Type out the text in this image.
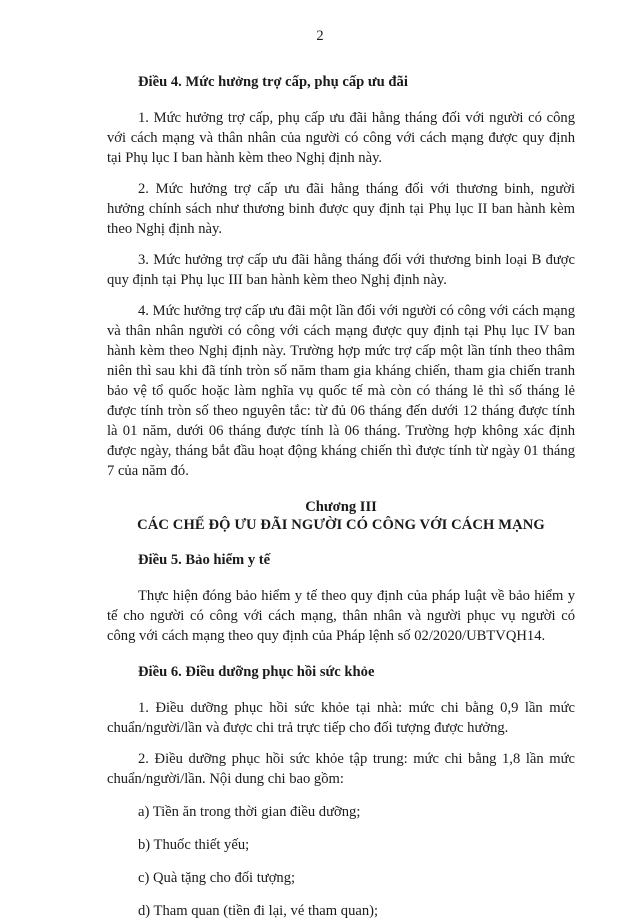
2
Điều 4. Mức hưởng trợ cấp, phụ cấp ưu đãi
1. Mức hưởng trợ cấp, phụ cấp ưu đãi hằng tháng đối với người có công với cách mạng và thân nhân của người có công với cách mạng được quy định tại Phụ lục I ban hành kèm theo Nghị định này.
2. Mức hưởng trợ cấp ưu đãi hằng tháng đối với thương binh, người hưởng chính sách như thương binh được quy định tại Phụ lục II ban hành kèm theo Nghị định này.
3. Mức hưởng trợ cấp ưu đãi hằng tháng đối với thương binh loại B được quy định tại Phụ lục III ban hành kèm theo Nghị định này.
4. Mức hưởng trợ cấp ưu đãi một lần đối với người có công với cách mạng và thân nhân người có công với cách mạng được quy định tại Phụ lục IV ban hành kèm theo Nghị định này. Trường hợp mức trợ cấp một lần tính theo thâm niên thì sau khi đã tính tròn số năm tham gia kháng chiến, tham gia chiến tranh bảo vệ tổ quốc hoặc làm nghĩa vụ quốc tế mà còn có tháng lẻ thì số tháng lẻ được tính tròn số theo nguyên tắc: từ đủ 06 tháng đến dưới 12 tháng được tính là 01 năm, dưới 06 tháng được tính là 06 tháng. Trường hợp không xác định được ngày, tháng bắt đầu hoạt động kháng chiến thì được tính từ ngày 01 tháng 7 của năm đó.
Chương III
CÁC CHẾ ĐỘ ƯU ĐÃI NGƯỜI CÓ CÔNG VỚI CÁCH MẠNG
Điều 5. Bảo hiểm y tế
Thực hiện đóng bảo hiểm y tế theo quy định của pháp luật về bảo hiểm y tế cho người có công với cách mạng, thân nhân và người phục vụ người có công với cách mạng theo quy định của Pháp lệnh số 02/2020/UBTVQH14.
Điều 6. Điều dưỡng phục hồi sức khỏe
1. Điều dưỡng phục hồi sức khỏe tại nhà: mức chi bằng 0,9 lần mức chuẩn/người/lần và được chi trả trực tiếp cho đối tượng được hưởng.
2. Điều dưỡng phục hồi sức khỏe tập trung: mức chi bằng 1,8 lần mức chuẩn/người/lần. Nội dung chi bao gồm:
a) Tiền ăn trong thời gian điều dưỡng;
b) Thuốc thiết yếu;
c) Quà tặng cho đối tượng;
d) Tham quan (tiền đi lại, vé tham quan);
